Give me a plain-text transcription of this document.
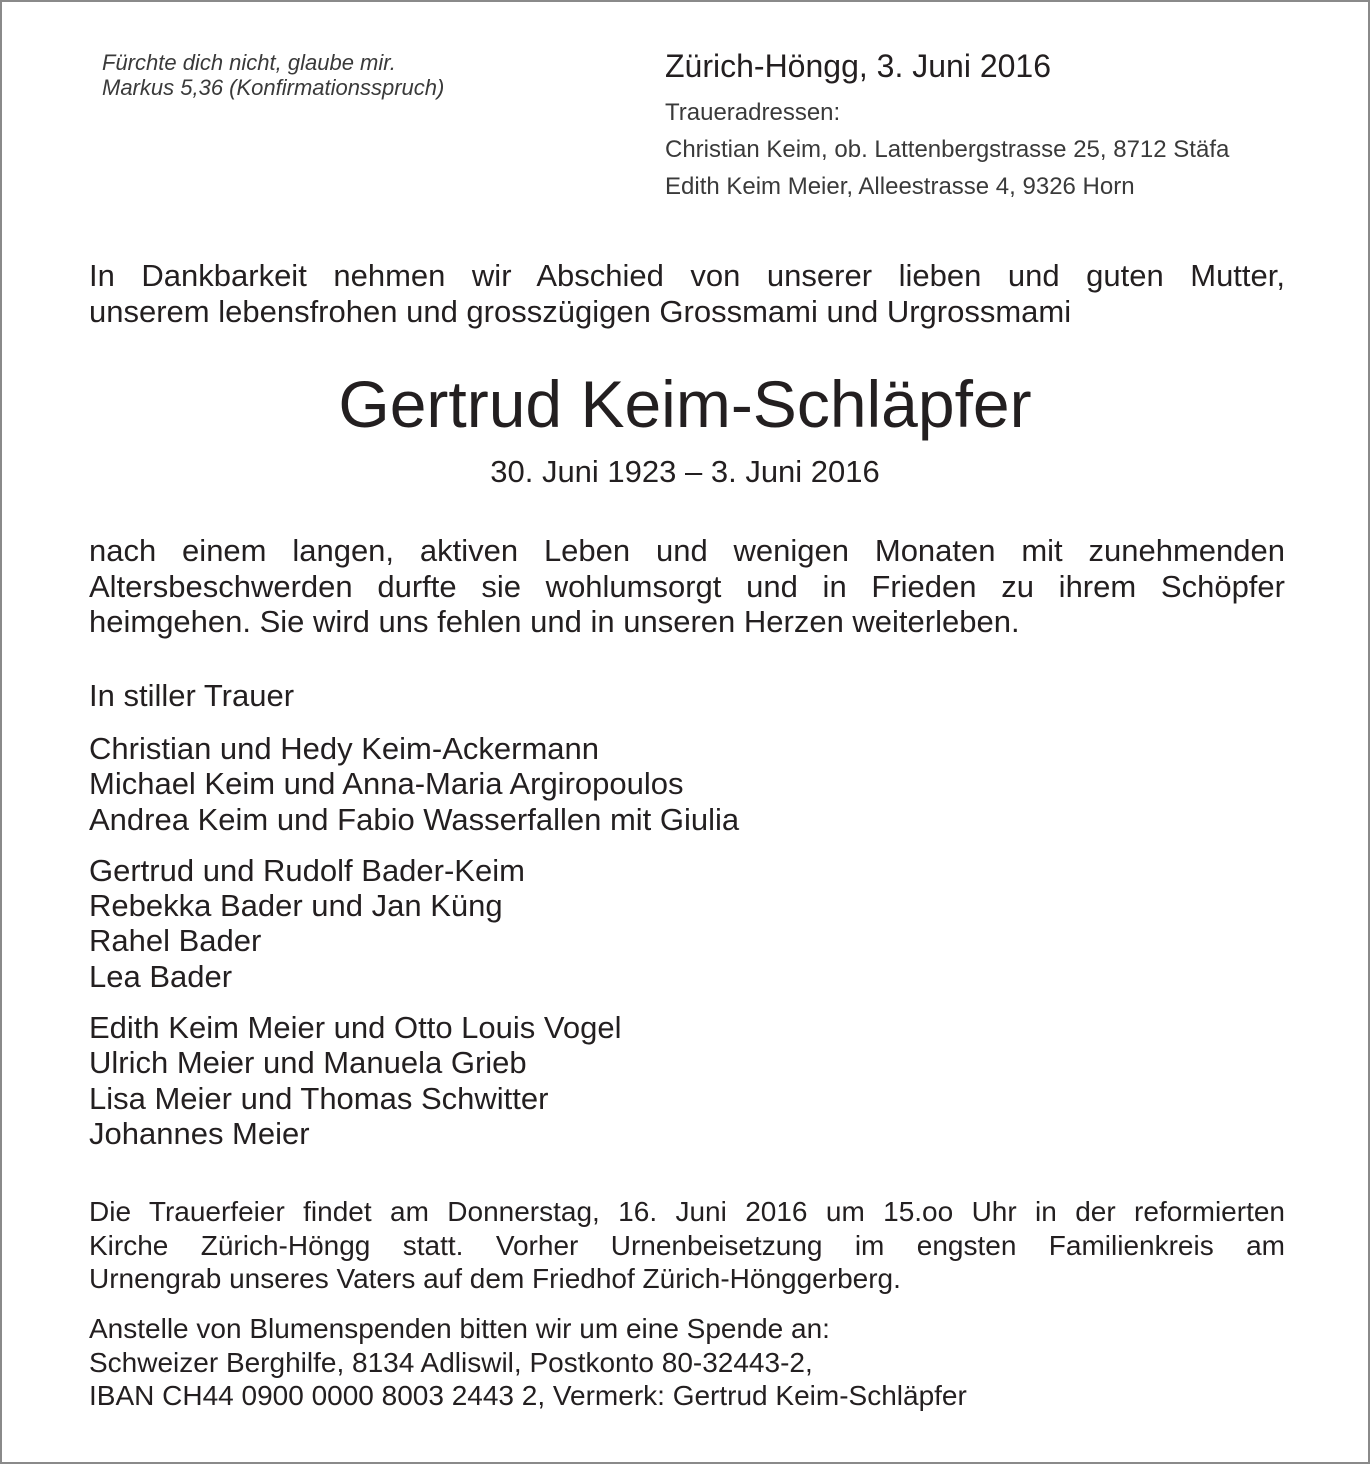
Fürchte dich nicht, glaube mir.
Markus 5,36 (Konfirmationsspruch)
Zürich-Höngg, 3. Juni 2016
Traueradressen:
Christian Keim, ob. Lattenbergstrasse 25, 8712 Stäfa
Edith Keim Meier, Alleestrasse 4, 9326 Horn
In Dankbarkeit nehmen wir Abschied von unserer lieben und guten Mutter,
unserem lebensfrohen und grosszügigen Grossmami und Urgrossmami
Gertrud Keim-Schläpfer
30. Juni 1923 – 3. Juni 2016
nach einem langen, aktiven Leben und wenigen Monaten mit zunehmenden
Altersbeschwerden durfte sie wohlumsorgt und in Frieden zu ihrem Schöpfer
heimgehen. Sie wird uns fehlen und in unseren Herzen weiterleben.
In stiller Trauer
Christian und Hedy Keim-Ackermann
Michael Keim und Anna-Maria Argiropoulos
Andrea Keim und Fabio Wasserfallen mit Giulia
Gertrud und Rudolf Bader-Keim
Rebekka Bader und Jan Küng
Rahel Bader
Lea Bader
Edith Keim Meier und Otto Louis Vogel
Ulrich Meier und Manuela Grieb
Lisa Meier und Thomas Schwitter
Johannes Meier
Die Trauerfeier findet am Donnerstag, 16. Juni 2016 um 15.oo Uhr in der reformierten
Kirche Zürich-Höngg statt. Vorher Urnenbeisetzung im engsten Familienkreis am
Urnengrab unseres Vaters auf dem Friedhof Zürich-Hönggerberg.
Anstelle von Blumenspenden bitten wir um eine Spende an:
Schweizer Berghilfe, 8134 Adliswil, Postkonto 80-32443-2,
IBAN CH44 0900 0000 8003 2443 2, Vermerk: Gertrud Keim-Schläpfer
